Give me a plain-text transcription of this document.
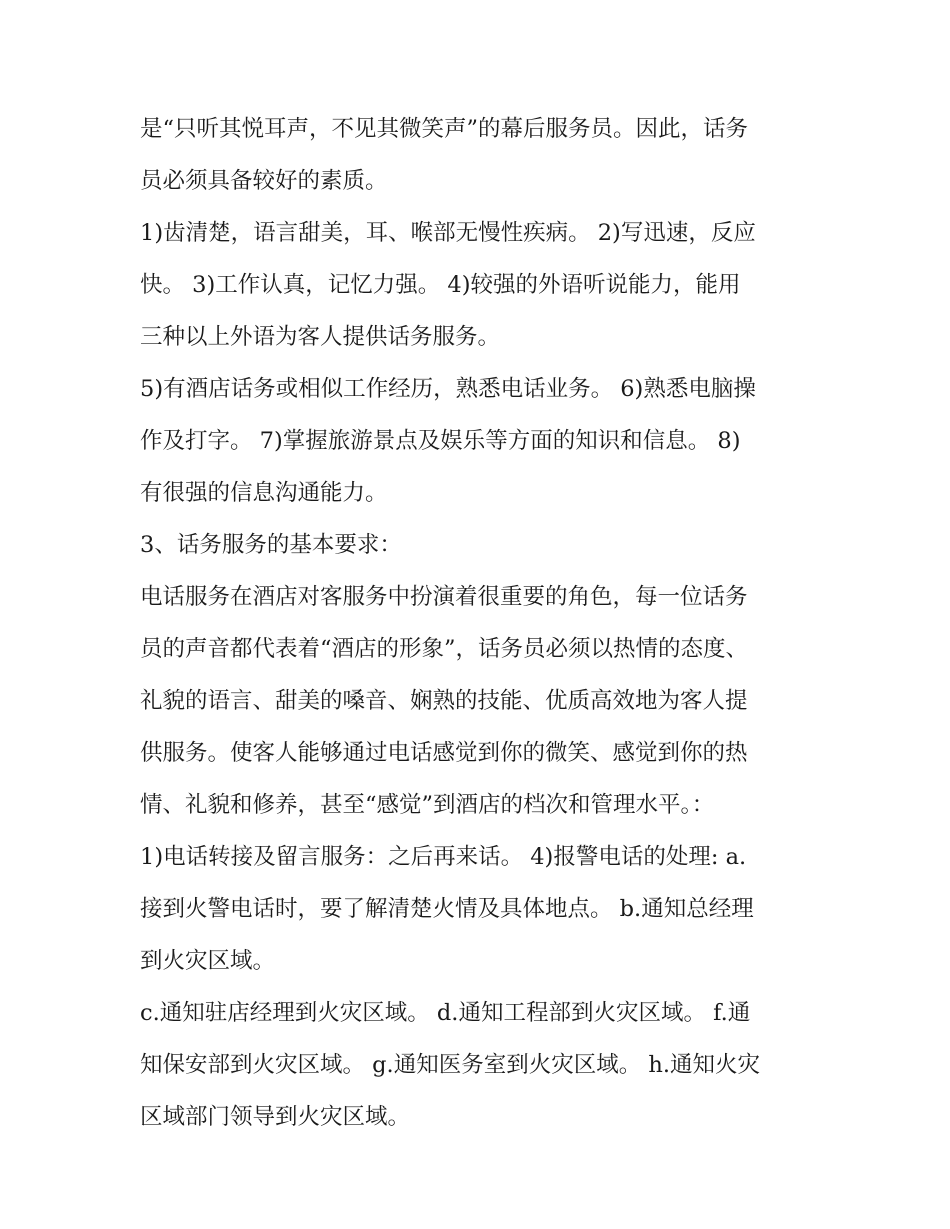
是“只听其悦耳声，不见其微笑声”的幕后服务员。因此，话务
员必须具备较好的素质。
1)齿清楚，语言甜美，耳、喉部无慢性疾病。 2)写迅速，反应
快。 3)工作认真，记忆力强。 4)较强的外语听说能力，能用
三种以上外语为客人提供话务服务。
5)有酒店话务或相似工作经历，熟悉电话业务。 6)熟悉电脑操
作及打字。 7)掌握旅游景点及娱乐等方面的知识和信息。 8)
有很强的信息沟通能力。
3、话务服务的基本要求：
电话服务在酒店对客服务中扮演着很重要的角色，每一位话务
员的声音都代表着“酒店的形象”，话务员必须以热情的态度、
礼貌的语言、甜美的嗓音、娴熟的技能、优质高效地为客人提
供服务。使客人能够通过电话感觉到你的微笑、感觉到你的热
情、礼貌和修养，甚至“感觉”到酒店的档次和管理水平。：
1)电话转接及留言服务：之后再来话。 4)报警电话的处理: a.
接到火警电话时，要了解清楚火情及具体地点。 b.通知总经理
到火灾区域。
c.通知驻店经理到火灾区域。 d.通知工程部到火灾区域。 f.通
知保安部到火灾区域。 g.通知医务室到火灾区域。 h.通知火灾
区域部门领导到火灾区域。
